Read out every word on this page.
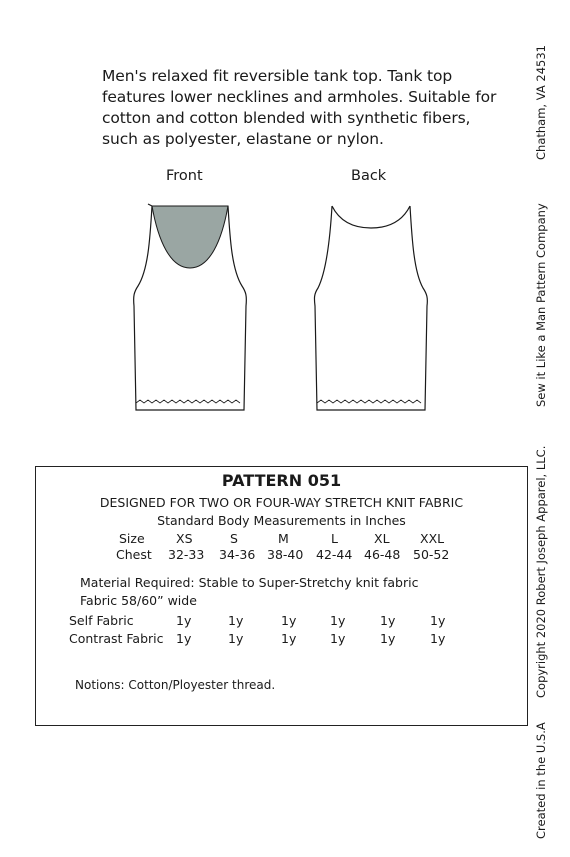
Men's relaxed fit reversible tank top. Tank top features lower necklines and armholes. Suitable for cotton and cotton blended with synthetic fibers, such as polyester, elastane or nylon.
Front	Back
Chatham, VA 24531
Sew it Like a Man Pattern Company
Copyright 2020 Robert Joseph Apparel, LLC.
Created in the U.S.A
PATTERN 051
DESIGNED FOR TWO OR FOUR-WAY STRETCH KNIT FABRIC
Standard Body Measurements in Inches
Size	XS	S	M	L	XL XXL
Chest 32-33 34-36 38-40 42-44 46-48 50-52
Material Required: Stable to Super-Stretchy knit fabric
Fabric 58/60” wide
Self Fabric	1y	1y	1y	1y	1y	1y
Contrast Fabric 1y	1y	1y	1y	1y	1y
Notions: Cotton/Ployester thread.
